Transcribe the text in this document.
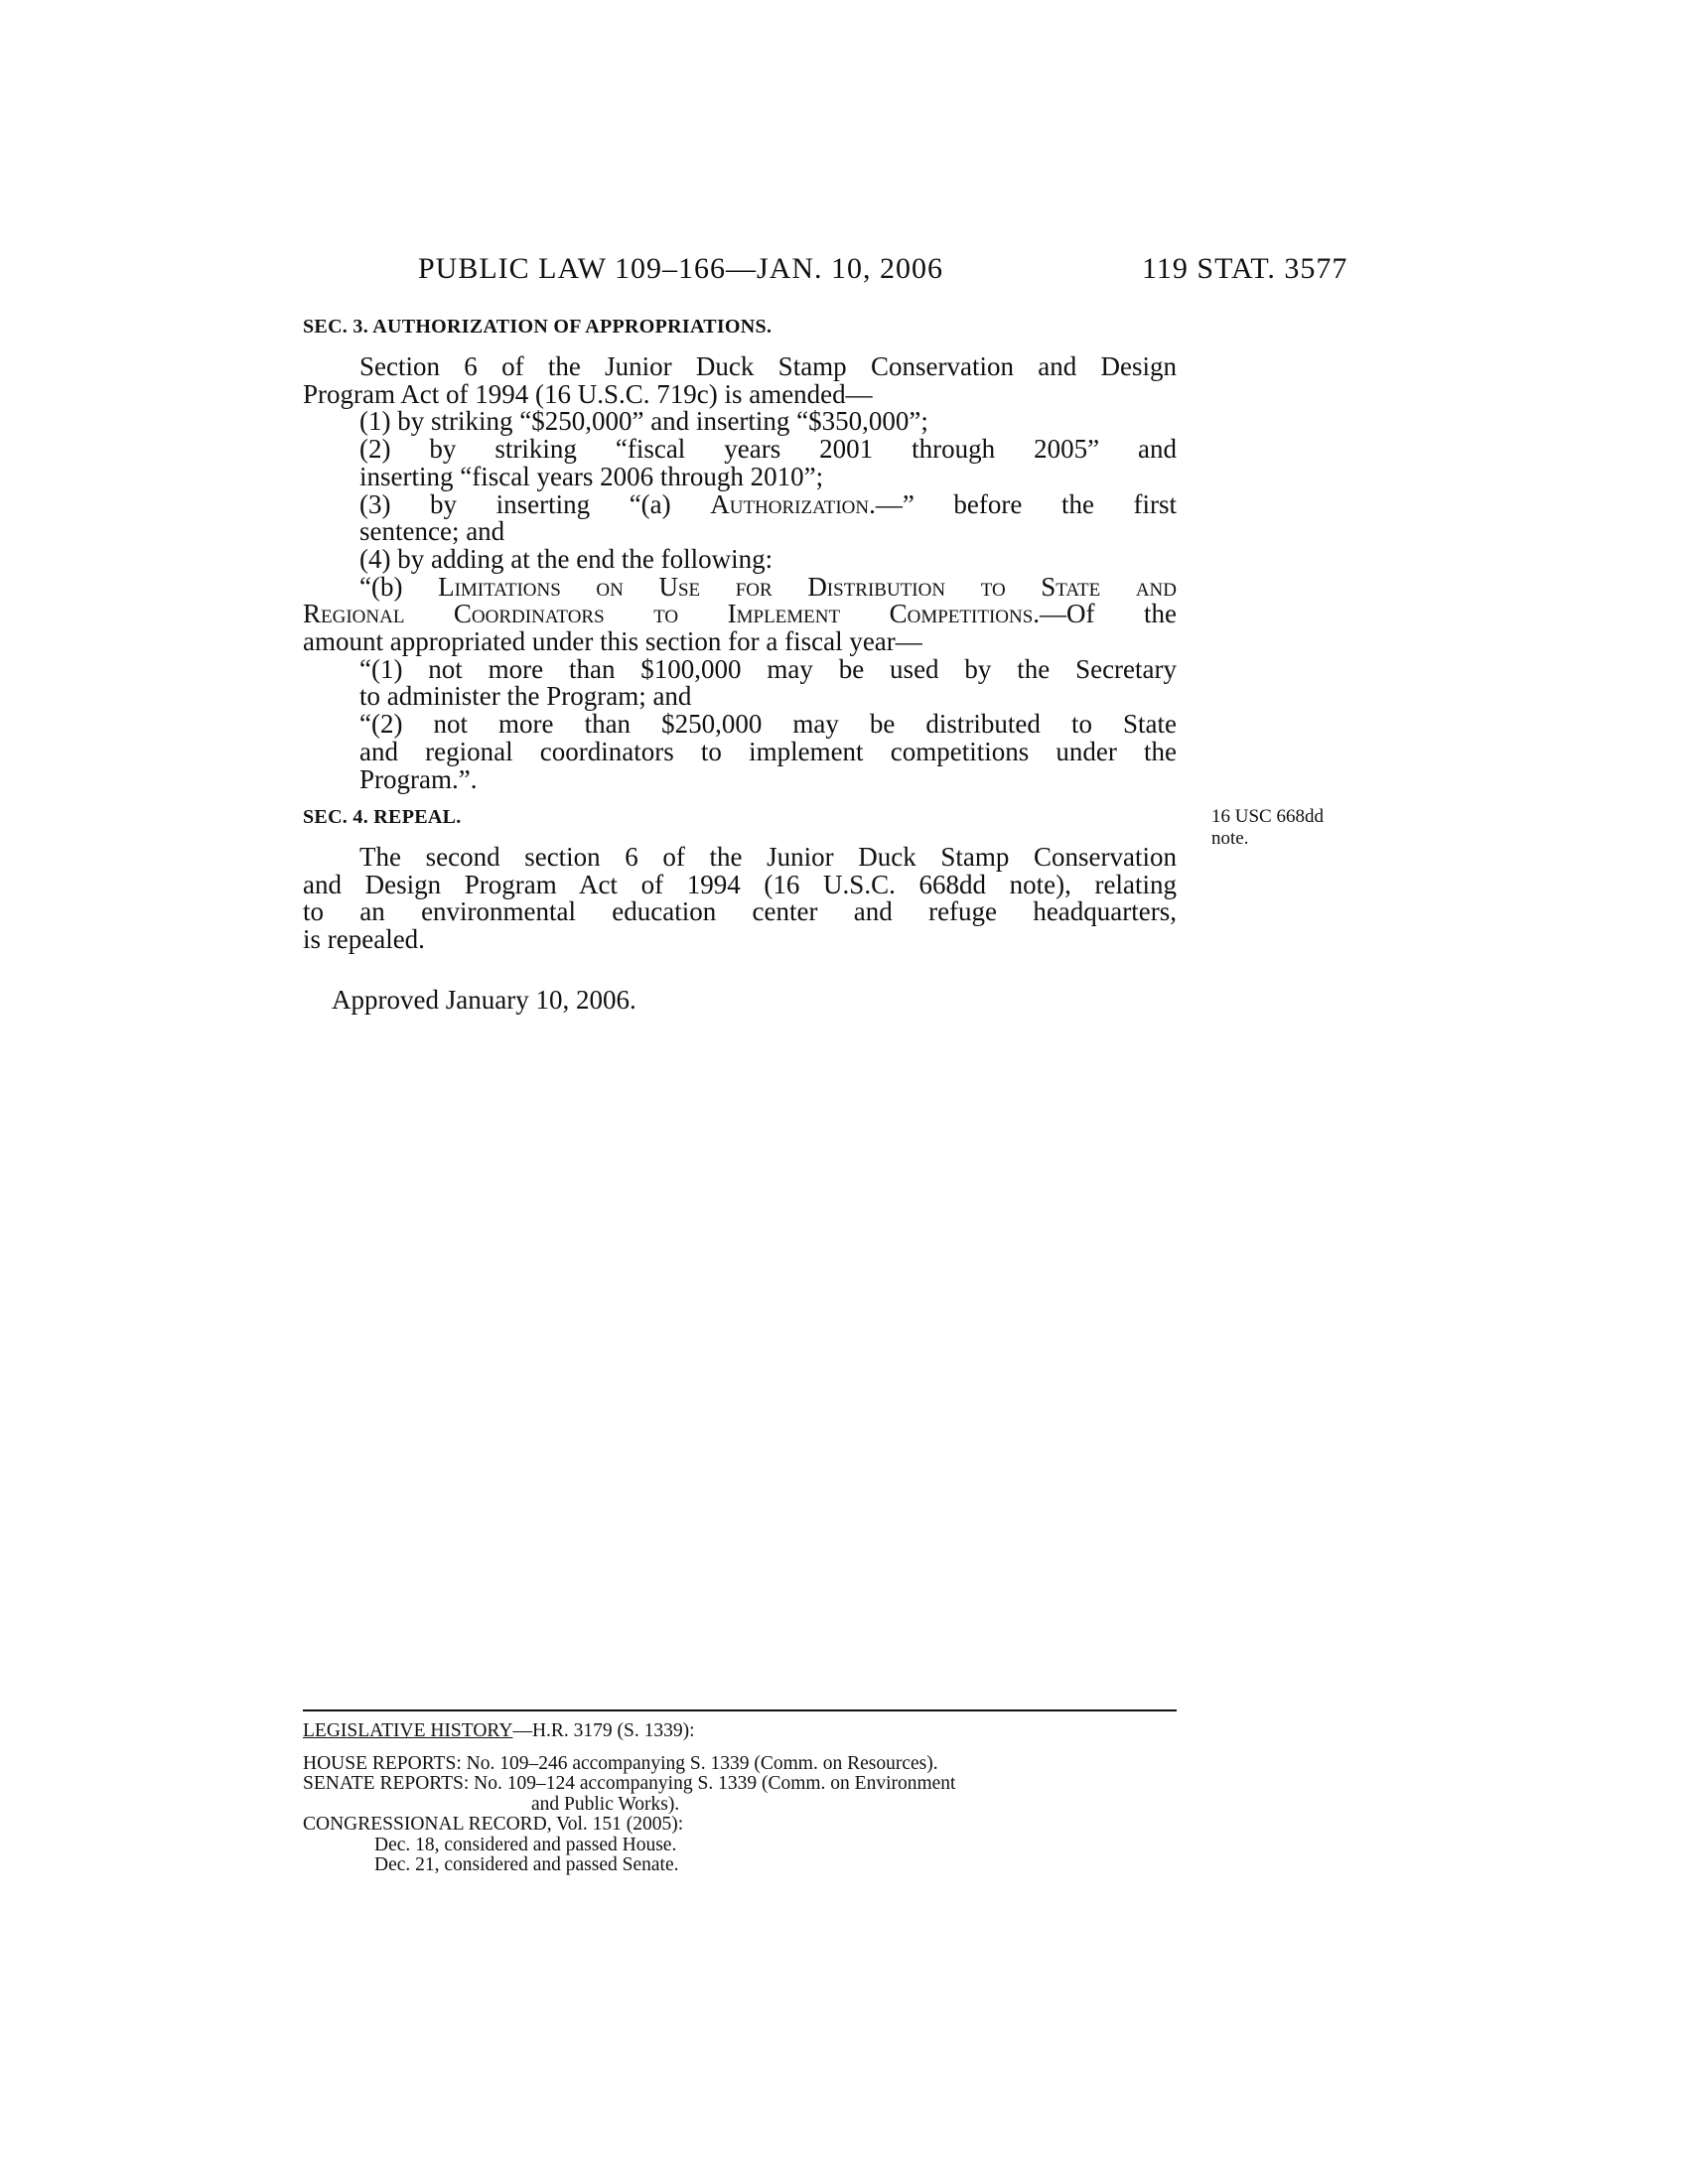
PUBLIC LAW 109–166—JAN. 10, 2006	119 STAT. 3577
SEC. 3. AUTHORIZATION OF APPROPRIATIONS.
Section 6 of the Junior Duck Stamp Conservation and Design
Program Act of 1994 (16 U.S.C. 719c) is amended—
(1) by striking “$250,000” and inserting “$350,000”;
(2) by striking “fiscal years 2001 through 2005” and
inserting “fiscal years 2006 through 2010”;
(3) by inserting “(a) Authorization.—” before the first
sentence; and
(4) by adding at the end the following:
“(b) Limitations on Use for Distribution to State and
Regional Coordinators to Implement Competitions.—Of the
amount appropriated under this section for a fiscal year—
“(1) not more than $100,000 may be used by the Secretary
to administer the Program; and
“(2) not more than $250,000 may be distributed to State
and regional coordinators to implement competitions under the
Program.”.
SEC. 4. REPEAL.	16 USC 668dd
note.
The second section 6 of the Junior Duck Stamp Conservation
and Design Program Act of 1994 (16 U.S.C. 668dd note), relating
to an environmental education center and refuge headquarters,
is repealed.
Approved January 10, 2006.
LEGISLATIVE HISTORY—H.R. 3179 (S. 1339):
HOUSE REPORTS: No. 109–246 accompanying S. 1339 (Comm. on Resources).
SENATE REPORTS: No. 109–124 accompanying S. 1339 (Comm. on Environment
and Public Works).
CONGRESSIONAL RECORD, Vol. 151 (2005):
Dec. 18, considered and passed House.
Dec. 21, considered and passed Senate.
